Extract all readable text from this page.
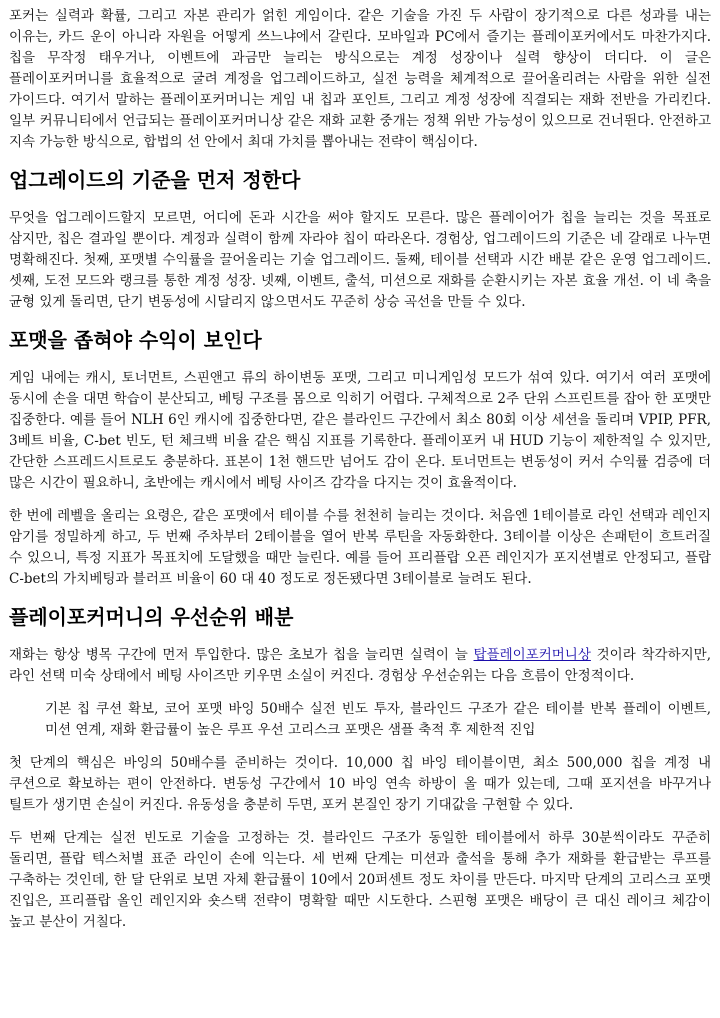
포커는 실력과 확률, 그리고 자본 관리가 얽힌 게임이다. 같은 기술을 가진 두 사람이 장기적으로 다른 성과를 내는 이유는, 카드 운이 아니라 자원을 어떻게 쓰느냐에서 갈린다. 모바일과 PC에서 즐기는 플레이포커에서도 마찬가지다. 칩을 무작정 태우거나, 이벤트에 과금만 늘리는 방식으로는 계정 성장이나 실력 향상이 더디다. 이 글은 플레이포커머니를 효율적으로 굴려 계정을 업그레이드하고, 실전 능력을 체계적으로 끌어올리려는 사람을 위한 실전 가이드다. 여기서 말하는 플레이포커머니는 게임 내 칩과 포인트, 그리고 계정 성장에 직결되는 재화 전반을 가리킨다. 일부 커뮤니티에서 언급되는 플레이포커머니상 같은 재화 교환 중개는 정책 위반 가능성이 있으므로 건너뛴다. 안전하고 지속 가능한 방식으로, 합법의 선 안에서 최대 가치를 뽑아내는 전략이 핵심이다.

업그레이드의 기준을 먼저 정한다

무엇을 업그레이드할지 모르면, 어디에 돈과 시간을 써야 할지도 모른다. 많은 플레이어가 칩을 늘리는 것을 목표로 삼지만, 칩은 결과일 뿐이다. 계정과 실력이 함께 자라야 칩이 따라온다. 경험상, 업그레이드의 기준은 네 갈래로 나누면 명확해진다. 첫째, 포맷별 수익률을 끌어올리는 기술 업그레이드. 둘째, 테이블 선택과 시간 배분 같은 운영 업그레이드. 셋째, 도전 모드와 랭크를 통한 계정 성장. 넷째, 이벤트, 출석, 미션으로 재화를 순환시키는 자본 효율 개선. 이 네 축을 균형 있게 돌리면, 단기 변동성에 시달리지 않으면서도 꾸준히 상승 곡선을 만들 수 있다.

포맷을 좁혀야 수익이 보인다

게임 내에는 캐시, 토너먼트, 스핀앤고 류의 하이변동 포맷, 그리고 미니게임성 모드가 섞여 있다. 여기서 여러 포맷에 동시에 손을 대면 학습이 분산되고, 베팅 구조를 몸으로 익히기 어렵다. 구체적으로 2주 단위 스프린트를 잡아 한 포맷만 집중한다. 예를 들어 NLH 6인 캐시에 집중한다면, 같은 블라인드 구간에서 최소 80회 이상 세션을 돌리며 VPIP, PFR, 3베트 비율, C-bet 빈도, 턴 체크백 비율 같은 핵심 지표를 기록한다. 플레이포커 내 HUD 기능이 제한적일 수 있지만, 간단한 스프레드시트로도 충분하다. 표본이 1천 핸드만 넘어도 감이 온다. 토너먼트는 변동성이 커서 수익률 검증에 더 많은 시간이 필요하니, 초반에는 캐시에서 베팅 사이즈 감각을 다지는 것이 효율적이다.

한 번에 레벨을 올리는 요령은, 같은 포맷에서 테이블 수를 천천히 늘리는 것이다. 처음엔 1테이블로 라인 선택과 레인지 암기를 정밀하게 하고, 두 번째 주차부터 2테이블을 열어 반복 루틴을 자동화한다. 3테이블 이상은 손패턴이 흐트러질 수 있으니, 특정 지표가 목표치에 도달했을 때만 늘린다. 예를 들어 프리플랍 오픈 레인지가 포지션별로 안정되고, 플랍 C-bet의 가치베팅과 블러프 비율이 60 대 40 정도로 정돈됐다면 3테이블로 늘려도 된다.

플레이포커머니의 우선순위 배분

재화는 항상 병목 구간에 먼저 투입한다. 많은 초보가 칩을 늘리면 실력이 늘 탑플레이포커머니상 것이라 착각하지만, 라인 선택 미숙 상태에서 베팅 사이즈만 키우면 소실이 커진다. 경험상 우선순위는 다음 흐름이 안정적이다.

기본 칩 쿠션 확보, 코어 포맷 바잉 50배수 실전 빈도 투자, 블라인드 구조가 같은 테이블 반복 플레이 이벤트, 미션 연계, 재화 환급률이 높은 루프 우선 고리스크 포맷은 샘플 축적 후 제한적 진입

첫 단계의 핵심은 바잉의 50배수를 준비하는 것이다. 10,000 칩 바잉 테이블이면, 최소 500,000 칩을 계정 내 쿠션으로 확보하는 편이 안전하다. 변동성 구간에서 10 바잉 연속 하방이 올 때가 있는데, 그때 포지션을 바꾸거나 틸트가 생기면 손실이 커진다. 유동성을 충분히 두면, 포커 본질인 장기 기대값을 구현할 수 있다.

두 번째 단계는 실전 빈도로 기술을 고정하는 것. 블라인드 구조가 동일한 테이블에서 하루 30분씩이라도 꾸준히 돌리면, 플랍 텍스처별 표준 라인이 손에 익는다. 세 번째 단계는 미션과 출석을 통해 추가 재화를 환급받는 루프를 구축하는 것인데, 한 달 단위로 보면 자체 환급률이 10에서 20퍼센트 정도 차이를 만든다. 마지막 단계의 고리스크 포맷 진입은, 프리플랍 올인 레인지와 숏스택 전략이 명확할 때만 시도한다. 스핀형 포맷은 배당이 큰 대신 레이크 체감이 높고 분산이 거칠다.
